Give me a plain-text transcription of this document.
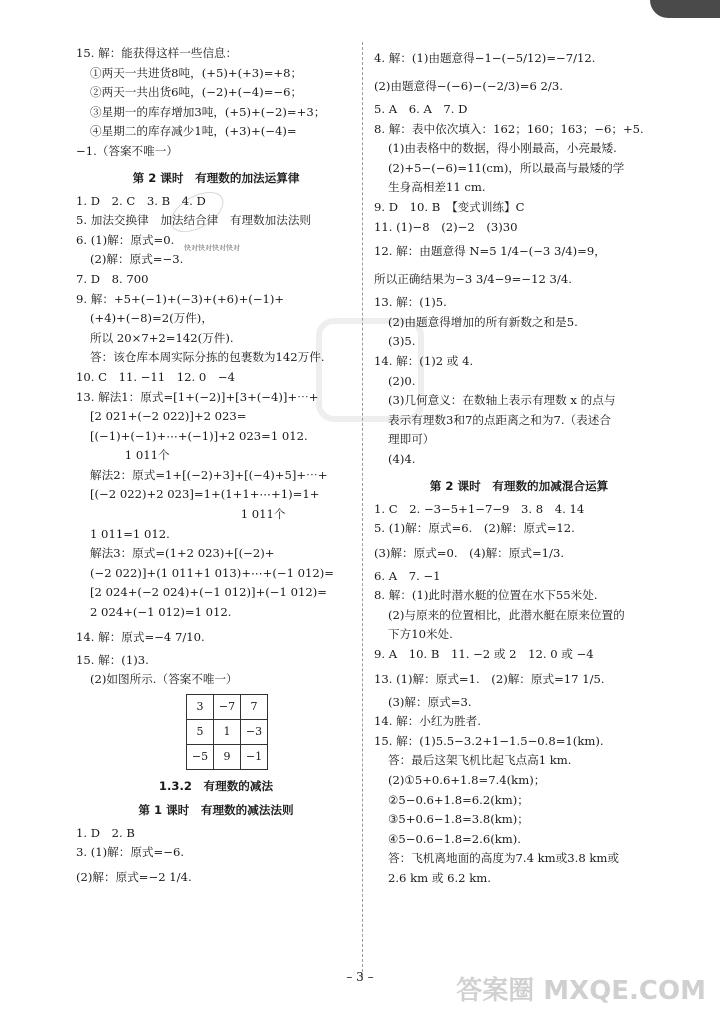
快对快对快对快对
15. 解：能获得这样一些信息：
①两天一共进货8吨，(+5)+(+3)=+8；
②两天一共出货6吨，(−2)+(−4)=−6；
③星期一的库存增加3吨，(+5)+(−2)=+3；
④星期二的库存减少1吨，(+3)+(−4)=
−1.（答案不唯一）
第 2 课时　有理数的加法运算律
1. D　2. C　3. B　4. D
5. 加法交换律　加法结合律　有理数加法法则
6. (1)解：原式=0.
(2)解：原式=−3.
7. D　8. 700
9. 解：+5+(−1)+(−3)+(+6)+(−1)+
(+4)+(−8)=2(万件)，
所以 20×7+2=142(万件).
答：该仓库本周实际分拣的包裹数为142万件.
10. C　11. −11　12. 0　−4
13. 解法1：原式=[1+(−2)]+[3+(−4)]+⋯+
[2 021+(−2 022)]+2 023=
[(−1)+(−1)+⋯+(−1)]+2 023=1 012.
　　　1 011个
解法2：原式=1+[(−2)+3]+[(−4)+5]+⋯+
[(−2 022)+2 023]=1+(1+1+⋯+1)=1+
　　　　　　　　　　　　　1 011个
1 011=1 012.
解法3：原式=(1+2 023)+[(−2)+
(−2 022)]+(1 011+1 013)+⋯+(−1 012)=
[2 024+(−2 024)+(−1 012)]+(−1 012)=
2 024+(−1 012)=1 012.
14. 解：原式=−4 7/10.
15. 解：(1)3.
(2)如图所示.（答案不唯一）
3	−7	7
5	1	−3
−5	9	−1
1.3.2　有理数的减法
第 1 课时　有理数的减法法则
1. D　2. B
3. (1)解：原式=−6.
(2)解：原式=−2 1/4.
4. 解：(1)由题意得−1−(−5/12)=−7/12.
(2)由题意得−(−6)−(−2/3)=6 2/3.
5. A　6. A　7. D
8. 解：表中依次填入：162；160；163；−6；+5.
(1)由表格中的数据，得小刚最高，小亮最矮.
(2)+5−(−6)=11(cm)，所以最高与最矮的学
生身高相差11 cm.
9. D　10. B　【变式训练】C
11. (1)−8　(2)−2　(3)30
12. 解：由题意得 N=5 1/4−(−3 3/4)=9，
所以正确结果为−3 3/4−9=−12 3/4.
13. 解：(1)5.
(2)由题意得增加的所有新数之和是5.
(3)5.
14. 解：(1)2 或 4.
(2)0.
(3)几何意义：在数轴上表示有理数 x 的点与
表示有理数3和7的点距离之和为7.（表述合
理即可）
(4)4.
第 2 课时　有理数的加减混合运算
1. C　2. −3−5+1−7−9　3. 8　4. 14
5. (1)解：原式=6.　(2)解：原式=12.
(3)解：原式=0.　(4)解：原式=1/3.
6. A　7. −1
8. 解：(1)此时潜水艇的位置在水下55米处.
(2)与原来的位置相比，此潜水艇在原来位置的
下方10米处.
9. A　10. B　11. −2 或 2　12. 0 或 −4
13. (1)解：原式=1.　(2)解：原式=17 1/5.
(3)解：原式=3.
14. 解：小红为胜者.
15. 解：(1)5.5−3.2+1−1.5−0.8=1(km).
答：最后这架飞机比起飞点高1 km.
(2)①5+0.6+1.8=7.4(km)；
②5−0.6+1.8=6.2(km)；
③5+0.6−1.8=3.8(km)；
④5−0.6−1.8=2.6(km).
答：飞机离地面的高度为7.4 km或3.8 km或
2.6 km 或 6.2 km.
– 3 –	答案圈 MXQE.COM
